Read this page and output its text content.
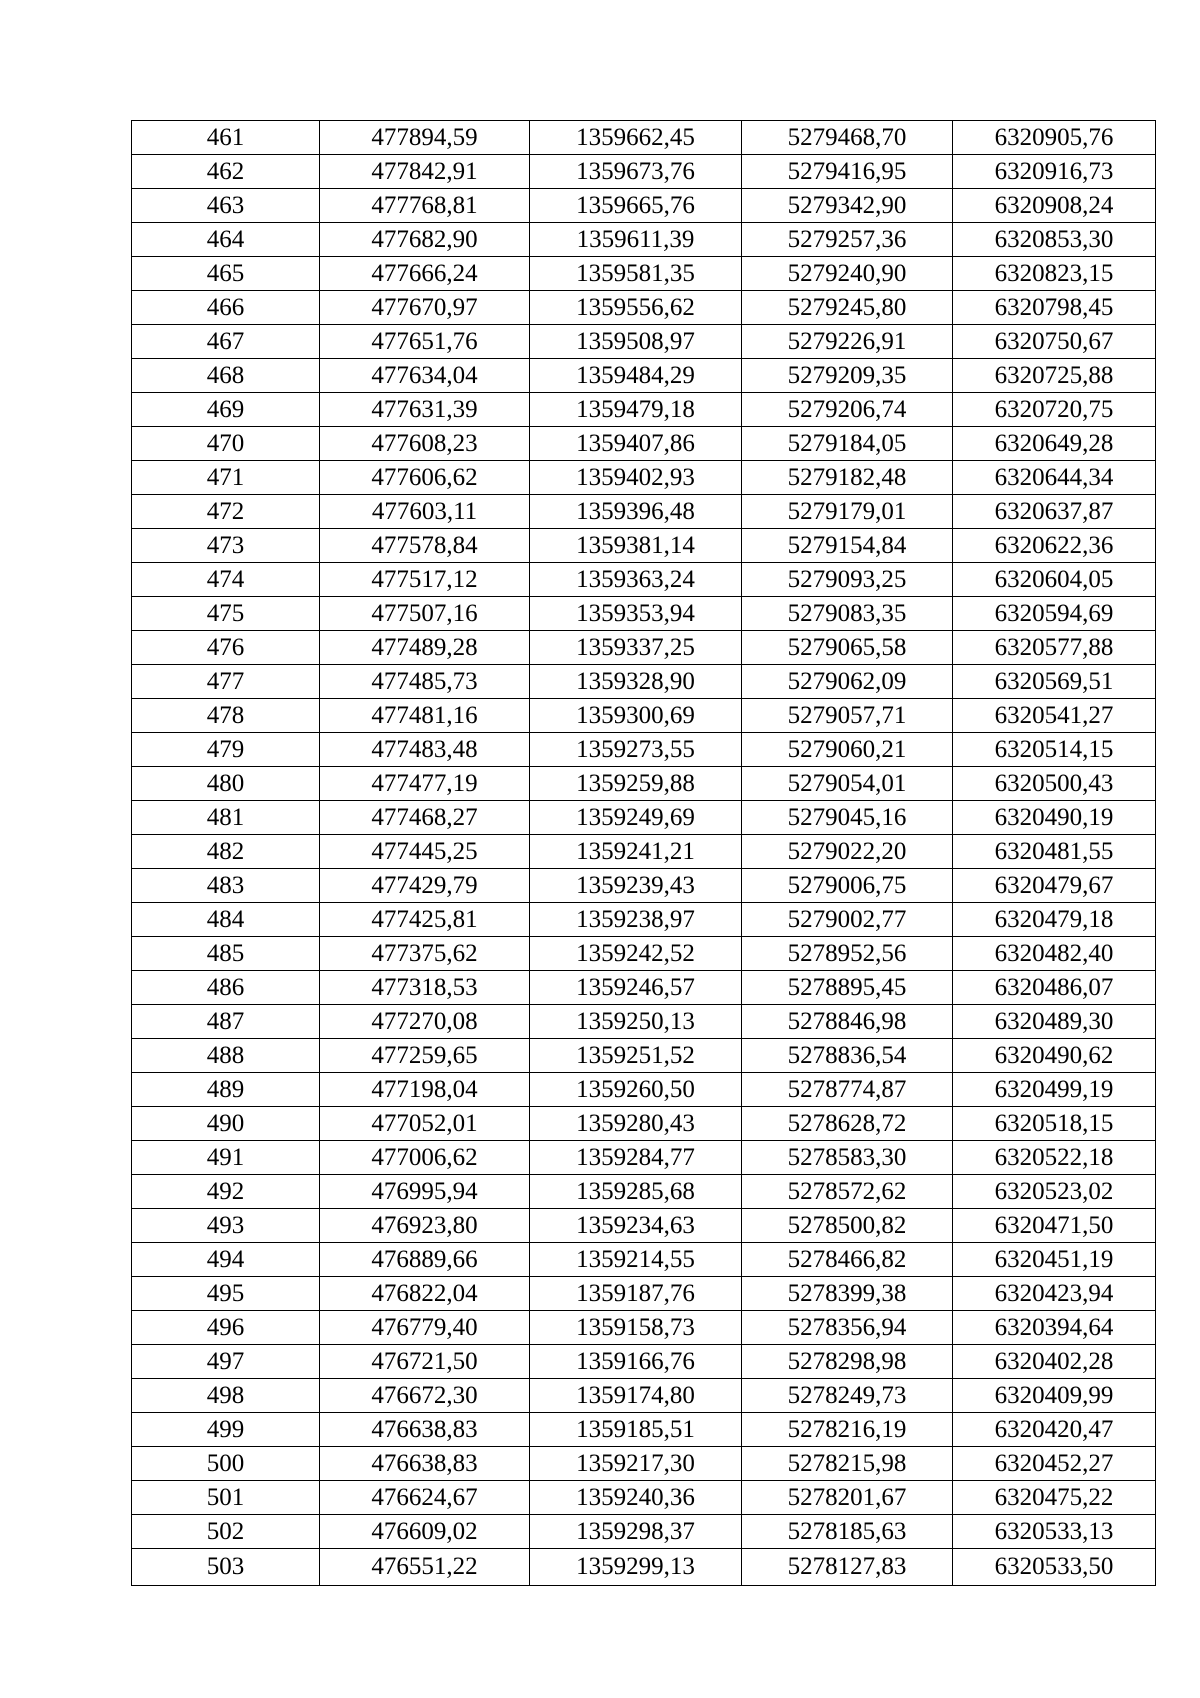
461	477894,59	1359662,45	5279468,70	6320905,76
462	477842,91	1359673,76	5279416,95	6320916,73
463	477768,81	1359665,76	5279342,90	6320908,24
464	477682,90	1359611,39	5279257,36	6320853,30
465	477666,24	1359581,35	5279240,90	6320823,15
466	477670,97	1359556,62	5279245,80	6320798,45
467	477651,76	1359508,97	5279226,91	6320750,67
468	477634,04	1359484,29	5279209,35	6320725,88
469	477631,39	1359479,18	5279206,74	6320720,75
470	477608,23	1359407,86	5279184,05	6320649,28
471	477606,62	1359402,93	5279182,48	6320644,34
472	477603,11	1359396,48	5279179,01	6320637,87
473	477578,84	1359381,14	5279154,84	6320622,36
474	477517,12	1359363,24	5279093,25	6320604,05
475	477507,16	1359353,94	5279083,35	6320594,69
476	477489,28	1359337,25	5279065,58	6320577,88
477	477485,73	1359328,90	5279062,09	6320569,51
478	477481,16	1359300,69	5279057,71	6320541,27
479	477483,48	1359273,55	5279060,21	6320514,15
480	477477,19	1359259,88	5279054,01	6320500,43
481	477468,27	1359249,69	5279045,16	6320490,19
482	477445,25	1359241,21	5279022,20	6320481,55
483	477429,79	1359239,43	5279006,75	6320479,67
484	477425,81	1359238,97	5279002,77	6320479,18
485	477375,62	1359242,52	5278952,56	6320482,40
486	477318,53	1359246,57	5278895,45	6320486,07
487	477270,08	1359250,13	5278846,98	6320489,30
488	477259,65	1359251,52	5278836,54	6320490,62
489	477198,04	1359260,50	5278774,87	6320499,19
490	477052,01	1359280,43	5278628,72	6320518,15
491	477006,62	1359284,77	5278583,30	6320522,18
492	476995,94	1359285,68	5278572,62	6320523,02
493	476923,80	1359234,63	5278500,82	6320471,50
494	476889,66	1359214,55	5278466,82	6320451,19
495	476822,04	1359187,76	5278399,38	6320423,94
496	476779,40	1359158,73	5278356,94	6320394,64
497	476721,50	1359166,76	5278298,98	6320402,28
498	476672,30	1359174,80	5278249,73	6320409,99
499	476638,83	1359185,51	5278216,19	6320420,47
500	476638,83	1359217,30	5278215,98	6320452,27
501	476624,67	1359240,36	5278201,67	6320475,22
502	476609,02	1359298,37	5278185,63	6320533,13
503	476551,22	1359299,13	5278127,83	6320533,50
